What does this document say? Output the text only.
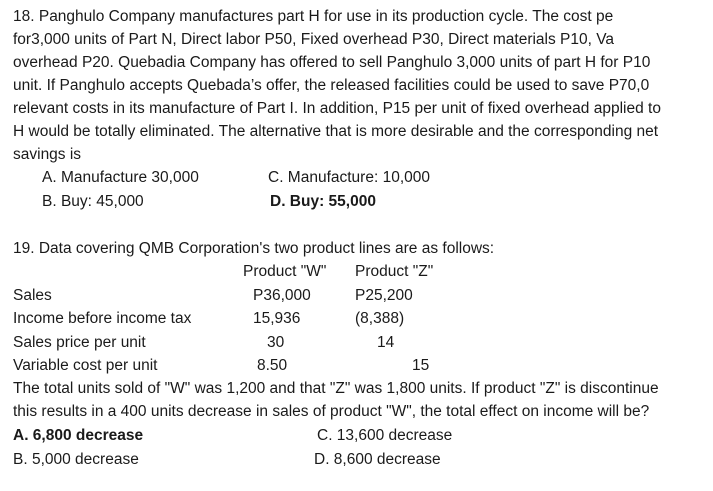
18. Panghulo Company manufactures part H for use in its production cycle. The cost pe
for3,000 units of Part N, Direct labor P50, Fixed overhead P30, Direct materials P10, Va
overhead P20. Quebadia Company has offered to sell Panghulo 3,000 units of part H for P10
unit. If Panghulo accepts Quebada’s offer, the released facilities could be used to save P70,0
relevant costs in its manufacture of Part I. In addition, P15 per unit of fixed overhead applied to
H would be totally eliminated. The alternative that is more desirable and the corresponding net
savings is
A. Manufacture 30,000	C. Manufacture: 10,000
B. Buy: 45,000	D. Buy: 55,000
19. Data covering QMB Corporation's two product lines are as follows:
Product "W" Product "Z"
Sales	P36,000	P25,200
Income before income tax	15,936	(8,388)
Sales price per unit	30	14
Variable cost per unit	8.50	15
The total units sold of "W" was 1,200 and that "Z" was 1,800 units. If product "Z" is discontinue
this results in a 400 units decrease in sales of product "W", the total effect on income will be?
A. 6,800 decrease	C. 13,600 decrease
B. 5,000 decrease	D. 8,600 decrease
